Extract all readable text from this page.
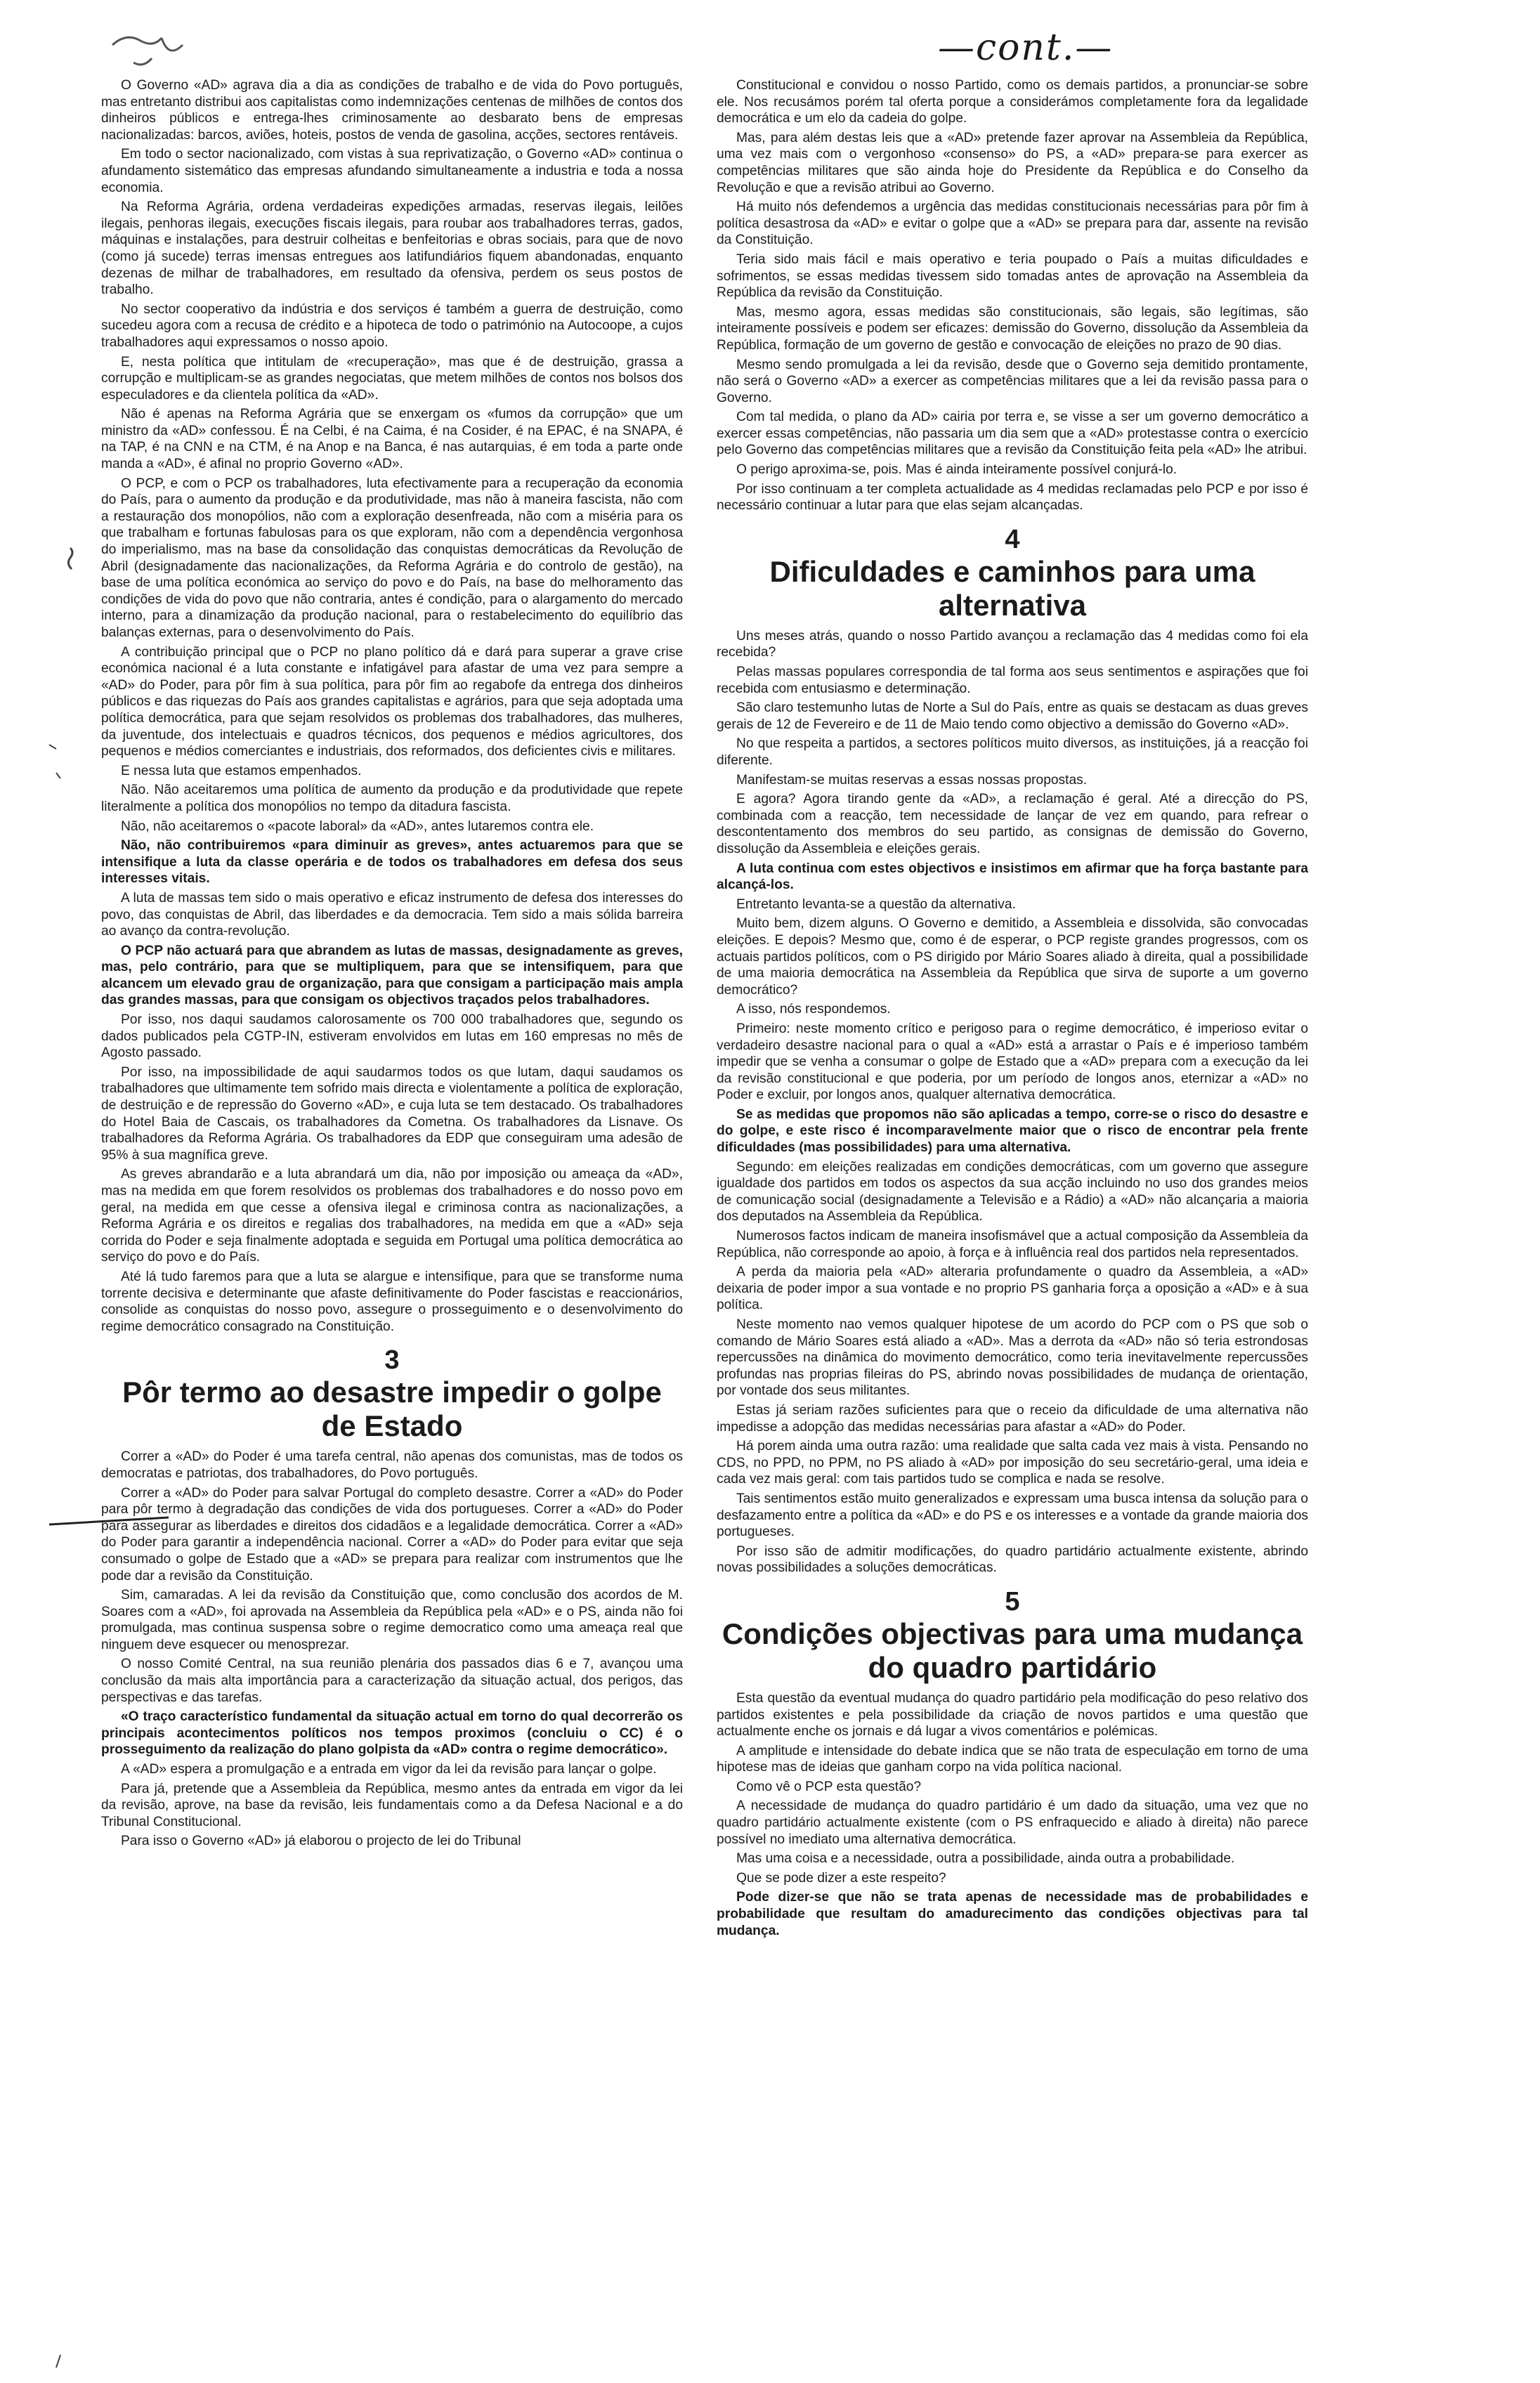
—cont.—

O Governo «AD» agrava dia a dia as condições de trabalho e de vida do Povo português, mas entretanto distribui aos capitalistas como indemnizações centenas de milhões de contos dos dinheiros públicos e entrega-lhes criminosamente ao desbarato bens de empresas nacionalizadas: barcos, aviões, hoteis, postos de venda de gasolina, acções, sectores rentáveis.

Em todo o sector nacionalizado, com vistas à sua reprivatização, o Governo «AD» continua o afundamento sistemático das empresas afundando simultaneamente a industria e toda a nossa economia.

Na Reforma Agrária, ordena verdadeiras expedições armadas, reservas ilegais, leilões ilegais, penhoras ilegais, execuções fiscais ilegais, para roubar aos trabalhadores terras, gados, máquinas e instalações, para destruir colheitas e benfeitorias e obras sociais, para que de novo (como já sucede) terras imensas entregues aos latifundiários fiquem abandonadas, enquanto dezenas de milhar de trabalhadores, em resultado da ofensiva, perdem os seus postos de trabalho.

No sector cooperativo da indústria e dos serviços é também a guerra de destruição, como sucedeu agora com a recusa de crédito e a hipoteca de todo o património na Autocoope, a cujos trabalhadores aqui expressamos o nosso apoio.

E, nesta política que intitulam de «recuperação», mas que é de destruição, grassa a corrupção e multiplicam-se as grandes negociatas, que metem milhões de contos nos bolsos dos especuladores e da clientela política da «AD».

Não é apenas na Reforma Agrária que se enxergam os «fumos da corrupção» que um ministro da «AD» confessou. É na Celbi, é na Caima, é na Cosider, é na EPAC, é na SNAPA, é na TAP, é na CNN e na CTM, é na Anop e na Banca, é nas autarquias, é em toda a parte onde manda a «AD», é afinal no proprio Governo «AD».

O PCP, e com o PCP os trabalhadores, luta efectivamente para a recuperação da economia do País, para o aumento da produção e da produtividade, mas não à maneira fascista, não com a restauração dos monopólios, não com a exploração desenfreada, não com a miséria para os que trabalham e fortunas fabulosas para os que exploram, não com a dependência vergonhosa do imperialismo, mas na base da consolidação das conquistas democráticas da Revolução de Abril (designadamente das nacionalizações, da Reforma Agrária e do controlo de gestão), na base de uma política económica ao serviço do povo e do País, na base do melhoramento das condições de vida do povo que não contraria, antes é condição, para o alargamento do mercado interno, para a dinamização da produção nacional, para o restabelecimento do equilíbrio das balanças externas, para o desenvolvimento do País.

A contribuição principal que o PCP no plano político dá e dará para superar a grave crise económica nacional é a luta constante e infatigável para afastar de uma vez para sempre a «AD» do Poder, para pôr fim à sua política, para pôr fim ao regabofe da entrega dos dinheiros públicos e das riquezas do País aos grandes capitalistas e agrários, para que seja adoptada uma política democrática, para que sejam resolvidos os problemas dos trabalhadores, das mulheres, da juventude, dos intelectuais e quadros técnicos, dos pequenos e médios agricultores, dos pequenos e médios comerciantes e industriais, dos reformados, dos deficientes civis e militares.

E nessa luta que estamos empenhados.

Não. Não aceitaremos uma política de aumento da produção e da produtividade que repete literalmente a política dos monopólios no tempo da ditadura fascista.

Não, não aceitaremos o «pacote laboral» da «AD», antes lutaremos contra ele.

Não, não contribuiremos «para diminuir as greves», antes actuaremos para que se intensifique a luta da classe operária e de todos os trabalhadores em defesa dos seus interesses vitais.

A luta de massas tem sido o mais operativo e eficaz instrumento de defesa dos interesses do povo, das conquistas de Abril, das liberdades e da democracia. Tem sido a mais sólida barreira ao avanço da contra-revolução.

O PCP não actuará para que abrandem as lutas de massas, designadamente as greves, mas, pelo contrário, para que se multipliquem, para que se intensifiquem, para que alcancem um elevado grau de organização, para que consigam a participação mais ampla das grandes massas, para que consigam os objectivos traçados pelos trabalhadores.

Por isso, nos daqui saudamos calorosamente os 700 000 trabalhadores que, segundo os dados publicados pela CGTP-IN, estiveram envolvidos em lutas em 160 empresas no mês de Agosto passado.

Por isso, na impossibilidade de aqui saudarmos todos os que lutam, daqui saudamos os trabalhadores que ultimamente tem sofrido mais directa e violentamente a política de exploração, de destruição e de repressão do Governo «AD», e cuja luta se tem destacado. Os trabalhadores do Hotel Baia de Cascais, os trabalhadores da Cometna. Os trabalhadores da Lisnave. Os trabalhadores da Reforma Agrária. Os trabalhadores da EDP que conseguiram uma adesão de 95% à sua magnífica greve.

As greves abrandarão e a luta abrandará um dia, não por imposição ou ameaça da «AD», mas na medida em que forem resolvidos os problemas dos trabalhadores e do nosso povo em geral, na medida em que cesse a ofensiva ilegal e criminosa contra as nacionalizações, a Reforma Agrária e os direitos e regalias dos trabalhadores, na medida em que a «AD» seja corrida do Poder e seja finalmente adoptada e seguida em Portugal uma política democrática ao serviço do povo e do País.

Até lá tudo faremos para que a luta se alargue e intensifique, para que se transforme numa torrente decisiva e determinante que afaste definitivamente do Poder fascistas e reaccionários, consolide as conquistas do nosso povo, assegure o prosseguimento e o desenvolvimento do regime democrático consagrado na Constituição.

3
Pôr termo ao desastre impedir o golpe de Estado

Correr a «AD» do Poder é uma tarefa central, não apenas dos comunistas, mas de todos os democratas e patriotas, dos trabalhadores, do Povo português.

Correr a «AD» do Poder para salvar Portugal do completo desastre. Correr a «AD» do Poder para pôr termo à degradação das condições de vida dos portugueses. Correr a «AD» do Poder para assegurar as liberdades e direitos dos cidadãos e a legalidade democrática. Correr a «AD» do Poder para garantir a independência nacional. Correr a «AD» do Poder para evitar que seja consumado o golpe de Estado que a «AD» se prepara para realizar com instrumentos que lhe pode dar a revisão da Constituição.

Sim, camaradas. A lei da revisão da Constituição que, como conclusão dos acordos de M. Soares com a «AD», foi aprovada na Assembleia da República pela «AD» e o PS, ainda não foi promulgada, mas continua suspensa sobre o regime democratico como uma ameaça real que ninguem deve esquecer ou menosprezar.

O nosso Comité Central, na sua reunião plenária dos passados dias 6 e 7, avançou uma conclusão da mais alta importância para a caracterização da situação actual, dos perigos, das perspectivas e das tarefas.

«O traço característico fundamental da situação actual em torno do qual decorrerão os principais acontecimentos políticos nos tempos proximos (concluiu o CC) é o prosseguimento da realização do plano golpista da «AD» contra o regime democrático».

A «AD» espera a promulgação e a entrada em vigor da lei da revisão para lançar o golpe.

Para já, pretende que a Assembleia da República, mesmo antes da entrada em vigor da lei da revisão, aprove, na base da revisão, leis fundamentais como a da Defesa Nacional e a do Tribunal Constitucional.

Para isso o Governo «AD» já elaborou o projecto de lei do Tribunal

Constitucional e convidou o nosso Partido, como os demais partidos, a pronunciar-se sobre ele. Nos recusámos porém tal oferta porque a considerámos completamente fora da legalidade democrática e um elo da cadeia do golpe.

Mas, para além destas leis que a «AD» pretende fazer aprovar na Assembleia da República, uma vez mais com o vergonhoso «consenso» do PS, a «AD» prepara-se para exercer as competências militares que são ainda hoje do Presidente da República e do Conselho da Revolução e que a revisão atribui ao Governo.

Há muito nós defendemos a urgência das medidas constitucionais necessárias para pôr fim à política desastrosa da «AD» e evitar o golpe que a «AD» se prepara para dar, assente na revisão da Constituição.

Teria sido mais fácil e mais operativo e teria poupado o País a muitas dificuldades e sofrimentos, se essas medidas tivessem sido tomadas antes de aprovação na Assembleia da República da revisão da Constituição.

Mas, mesmo agora, essas medidas são constitucionais, são legais, são legítimas, são inteiramente possíveis e podem ser eficazes: demissão do Governo, dissolução da Assembleia da República, formação de um governo de gestão e convocação de eleições no prazo de 90 dias.

Mesmo sendo promulgada a lei da revisão, desde que o Governo seja demitido prontamente, não será o Governo «AD» a exercer as competências militares que a lei da revisão passa para o Governo.

Com tal medida, o plano da AD» cairia por terra e, se visse a ser um governo democrático a exercer essas competências, não passaria um dia sem que a «AD» protestasse contra o exercício pelo Governo das competências militares que a revisão da Constituição feita pela «AD» lhe atribui.

O perigo aproxima-se, pois. Mas é ainda inteiramente possível conjurá-lo.

Por isso continuam a ter completa actualidade as 4 medidas reclamadas pelo PCP e por isso é necessário continuar a lutar para que elas sejam alcançadas.

4
Dificuldades e caminhos para uma alternativa

Uns meses atrás, quando o nosso Partido avançou a reclamação das 4 medidas como foi ela recebida?

Pelas massas populares correspondia de tal forma aos seus sentimentos e aspirações que foi recebida com entusiasmo e determinação.

São claro testemunho lutas de Norte a Sul do País, entre as quais se destacam as duas greves gerais de 12 de Fevereiro e de 11 de Maio tendo como objectivo a demissão do Governo «AD».

No que respeita a partidos, a sectores políticos muito diversos, as instituições, já a reacção foi diferente.

Manifestam-se muitas reservas a essas nossas propostas.

E agora? Agora tirando gente da «AD», a reclamação é geral. Até a direcção do PS, combinada com a reacção, tem necessidade de lançar de vez em quando, para refrear o descontentamento dos membros do seu partido, as consignas de demissão do Governo, dissolução da Assembleia e eleições gerais.

A luta continua com estes objectivos e insistimos em afirmar que ha força bastante para alcançá-los.

Entretanto levanta-se a questão da alternativa.

Muito bem, dizem alguns. O Governo e demitido, a Assembleia e dissolvida, são convocadas eleições. E depois? Mesmo que, como é de esperar, o PCP registe grandes progressos, com os actuais partidos políticos, com o PS dirigido por Mário Soares aliado à direita, qual a possibilidade de uma maioria democrática na Assembleia da República que sirva de suporte a um governo democrático?

A isso, nós respondemos.

Primeiro: neste momento crítico e perigoso para o regime democrático, é imperioso evitar o verdadeiro desastre nacional para o qual a «AD» está a arrastar o País e é imperioso também impedir que se venha a consumar o golpe de Estado que a «AD» prepara com a execução da lei da revisão constitucional e que poderia, por um período de longos anos, eternizar a «AD» no Poder e excluir, por longos anos, qualquer alternativa democrática.

Se as medidas que propomos não são aplicadas a tempo, corre-se o risco do desastre e do golpe, e este risco é incomparavelmente maior que o risco de encontrar pela frente dificuldades (mas possibilidades) para uma alternativa.

Segundo: em eleições realizadas em condições democráticas, com um governo que assegure igualdade dos partidos em todos os aspectos da sua acção incluindo no uso dos grandes meios de comunicação social (designadamente a Televisão e a Rádio) a «AD» não alcançaria a maioria dos deputados na Assembleia da República.

Numerosos factos indicam de maneira insofismável que a actual composição da Assembleia da República, não corresponde ao apoio, à força e à influência real dos partidos nela representados.

A perda da maioria pela «AD» alteraria profundamente o quadro da Assembleia, a «AD» deixaria de poder impor a sua vontade e no proprio PS ganharia força a oposição a «AD» e à sua política.

Neste momento nao vemos qualquer hipotese de um acordo do PCP com o PS que sob o comando de Mário Soares está aliado a «AD». Mas a derrota da «AD» não só teria estrondosas repercussões na dinâmica do movimento democrático, como teria inevitavelmente repercussões profundas nas proprias fileiras do PS, abrindo novas possibilidades de mudança de orientação, por vontade dos seus militantes.

Estas já seriam razões suficientes para que o receio da dificuldade de uma alternativa não impedisse a adopção das medidas necessárias para afastar a «AD» do Poder.

Há porem ainda uma outra razão: uma realidade que salta cada vez mais à vista. Pensando no CDS, no PPD, no PPM, no PS aliado à «AD» por imposição do seu secretário-geral, uma ideia e cada vez mais geral: com tais partidos tudo se complica e nada se resolve.

Tais sentimentos estão muito generalizados e expressam uma busca intensa da solução para o desfazamento entre a política da «AD» e do PS e os interesses e a vontade da grande maioria dos portugueses.

Por isso são de admitir modificações, do quadro partidário actualmente existente, abrindo novas possibilidades a soluções democráticas.

5
Condições objectivas para uma mudança do quadro partidário

Esta questão da eventual mudança do quadro partidário pela modificação do peso relativo dos partidos existentes e pela possibilidade da criação de novos partidos e uma questão que actualmente enche os jornais e dá lugar a vivos comentários e polémicas.

A amplitude e intensidade do debate indica que se não trata de especulação em torno de uma hipotese mas de ideias que ganham corpo na vida política nacional.

Como vê o PCP esta questão?

A necessidade de mudança do quadro partidário é um dado da situação, uma vez que no quadro partidário actualmente existente (com o PS enfraquecido e aliado à direita) não parece possível no imediato uma alternativa democrática.

Mas uma coisa e a necessidade, outra a possibilidade, ainda outra a probabilidade.

Que se pode dizer a este respeito?

Pode dizer-se que não se trata apenas de necessidade mas de probabilidades e probabilidade que resultam do amadurecimento das condições objectivas para tal mudança.
